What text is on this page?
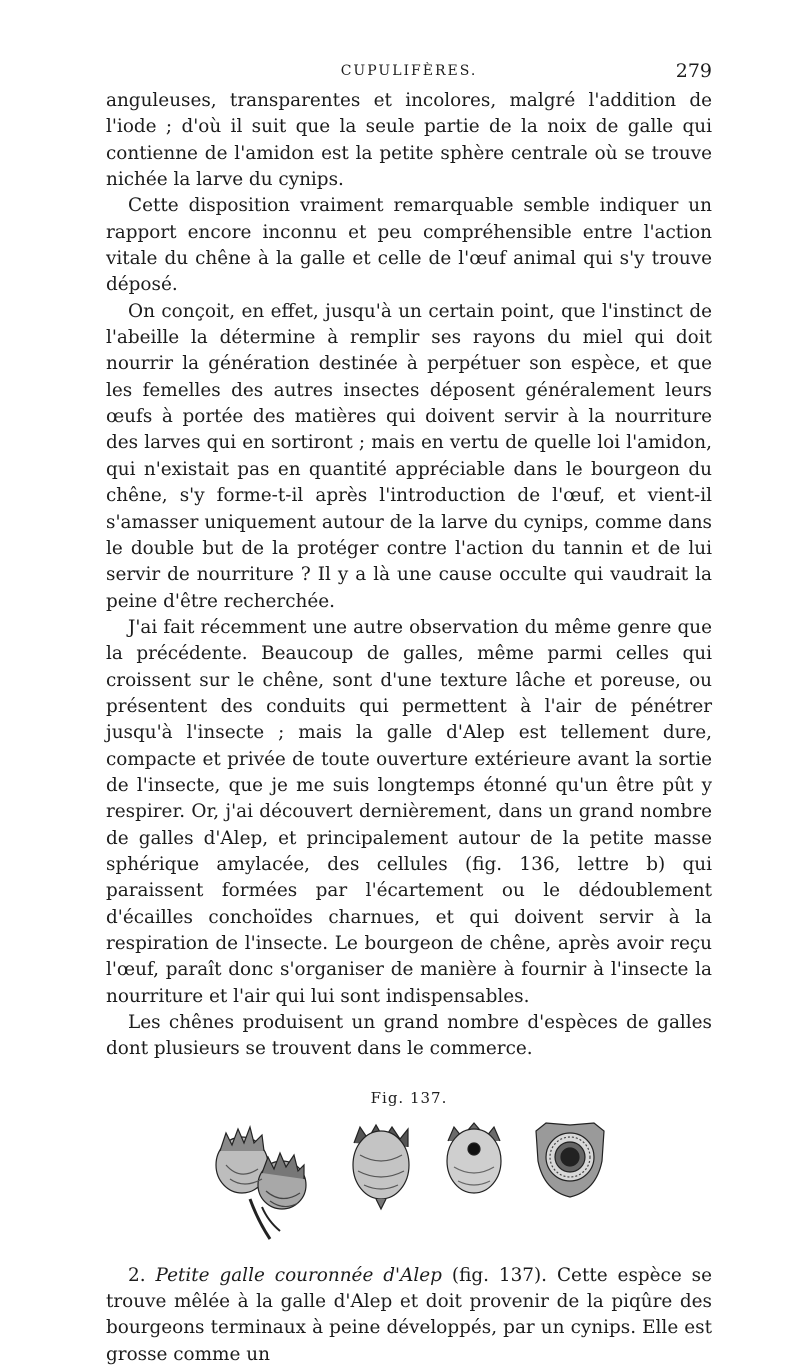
CUPULIFÈRES.	279

anguleuses, transparentes et incolores, malgré l'addition de l'iode ; d'où il suit que la seule partie de la noix de galle qui contienne de l'amidon est la petite sphère centrale où se trouve nichée la larve du cynips.

Cette disposition vraiment remarquable semble indiquer un rapport encore inconnu et peu compréhensible entre l'action vitale du chêne à la galle et celle de l'œuf animal qui s'y trouve déposé.

On conçoit, en effet, jusqu'à un certain point, que l'instinct de l'abeille la détermine à remplir ses rayons du miel qui doit nourrir la génération destinée à perpétuer son espèce, et que les femelles des autres insectes déposent généralement leurs œufs à portée des matières qui doivent servir à la nourriture des larves qui en sortiront ; mais en vertu de quelle loi l'amidon, qui n'existait pas en quantité appréciable dans le bourgeon du chêne, s'y forme-t-il après l'introduction de l'œuf, et vient-il s'amasser uniquement autour de la larve du cynips, comme dans le double but de la protéger contre l'action du tannin et de lui servir de nourriture ? Il y a là une cause occulte qui vaudrait la peine d'être recherchée.

J'ai fait récemment une autre observation du même genre que la précédente. Beaucoup de galles, même parmi celles qui croissent sur le chêne, sont d'une texture lâche et poreuse, ou présentent des conduits qui permettent à l'air de pénétrer jusqu'à l'insecte ; mais la galle d'Alep est tellement dure, compacte et privée de toute ouverture extérieure avant la sortie de l'insecte, que je me suis longtemps étonné qu'un être pût y respirer. Or, j'ai découvert dernièrement, dans un grand nombre de galles d'Alep, et principalement autour de la petite masse sphérique amylacée, des cellules (fig. 136, lettre b) qui paraissent formées par l'écartement ou le dédoublement d'écailles conchoïdes charnues, et qui doivent servir à la respiration de l'insecte. Le bourgeon de chêne, après avoir reçu l'œuf, paraît donc s'organiser de manière à fournir à l'insecte la nourriture et l'air qui lui sont indispensables.

Les chênes produisent un grand nombre d'espèces de galles dont plusieurs se trouvent dans le commerce.

Fig. 137.

2. Petite galle couronnée d'Alep (fig. 137). Cette espèce se trouve mêlée à la galle d'Alep et doit provenir de la piqûre des bourgeons terminaux à peine développés, par un cynips. Elle est grosse comme un
